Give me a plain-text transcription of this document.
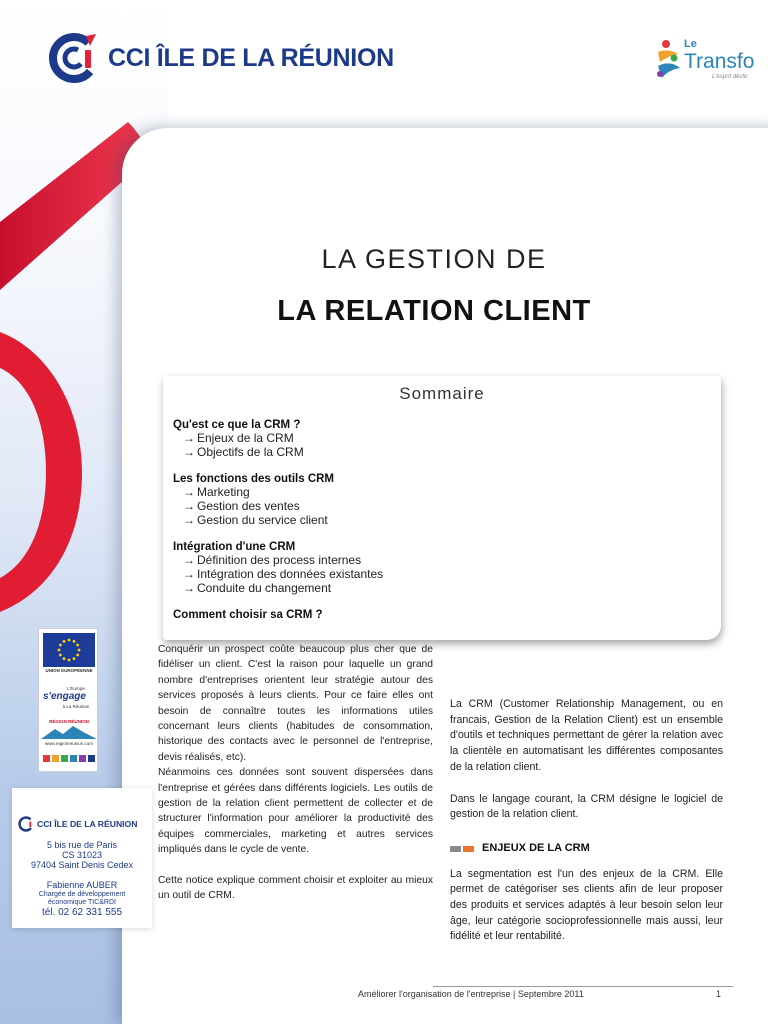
CCI ÎLE DE LA RÉUNION	Le
Transfo
L'esprit déclic
LA GESTION DE
LA RELATION CLIENT
Sommaire
Qu'est ce que la CRM ?
→ Enjeux de la CRM
→ Objectifs de la CRM
Les fonctions des outils CRM
→ Marketing
→ Gestion des ventes
→ Gestion du service client
Intégration d'une CRM
→ Définition des process internes
→ Intégration des données existantes
→ Conduite du changement
Comment choisir sa CRM ?

Conquérir un prospect coûte beaucoup plus cher que de fidéliser un client. C'est la raison pour laquelle un grand nombre d'entreprises orientent leur stratégie autour des services proposés à leurs clients. Pour ce faire elles ont besoin de connaître toutes les informations utiles concernant leurs clients (habitudes de consommation, historique des contacts avec le personnel de l'entreprise, devis réalisés, etc).

Néanmoins ces données sont souvent dispersées dans l'entreprise et gérées dans différents logiciels. Les outils de gestion de la relation client permettent de collecter et de structurer l'information pour améliorer la productivité des équipes commerciales, marketing et autres services impliqués dans le cycle de vente.

Cette notice explique comment choisir et exploiter au mieux un outil de CRM.

La CRM (Customer Relationship Management, ou en francais, Gestion de la Relation Client) est un ensemble d'outils et techniques permettant de gérer la relation avec la clientèle en automatisant les différentes composantes de la relation client.

Dans le langage courant, la CRM désigne le logiciel de gestion de la relation client.

ENJEUX DE LA CRM

La segmentation est l'un des enjeux de la CRM. Elle permet de catégoriser ses clients afin de leur proposer des produits et services adaptés à leur besoin selon leur âge, leur catégorie socioprofessionnelle mais aussi, leur fidélité et leur rentabilité.

UNION EUROPÉENNE
L'Europe
s'engage
à La Réunion
RÉGION RÉUNION
www.regionreunion.com
CCI ÎLE DE LA RÉUNION
5 bis rue de Paris
CS 31023
97404 Saint Denis Cedex
Fabienne AUBER
Chargée de développement
économique TIC&RDI
tél. 02 62 331 555
Améliorer l'organisation de l'entreprise | Septembre 2011	1
